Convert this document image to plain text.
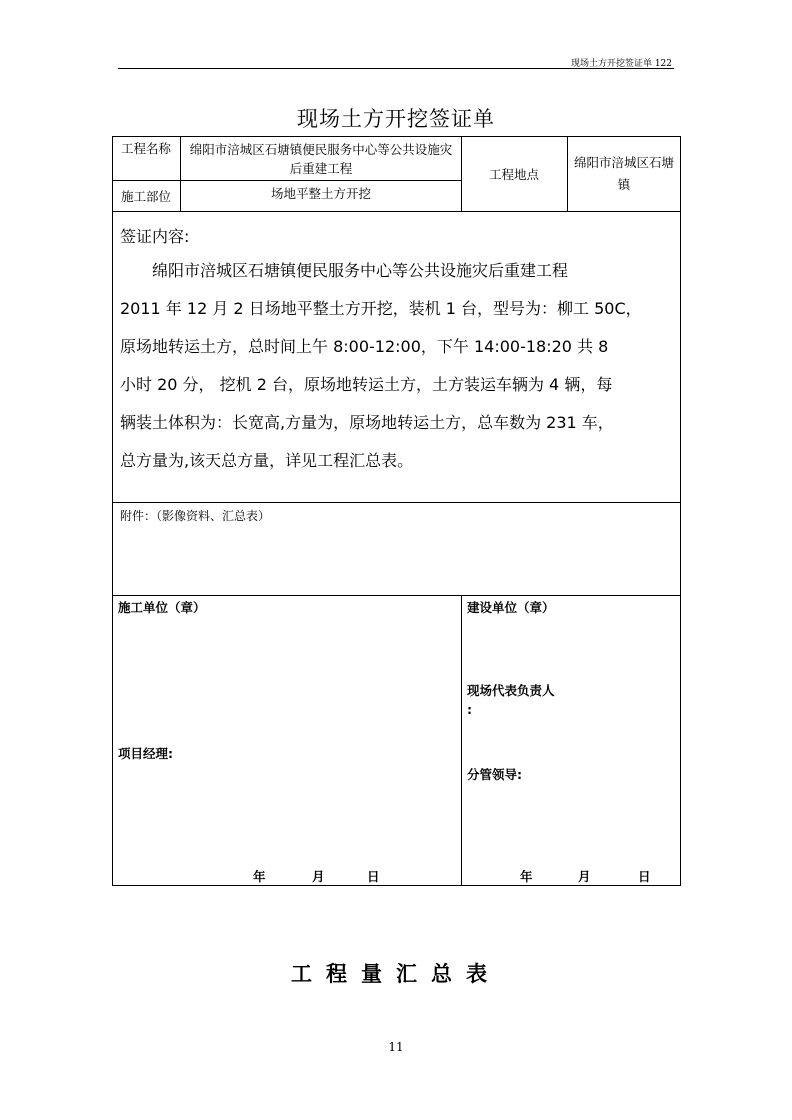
现场土方开挖签证单 122
现场土方开挖签证单
工程名称	绵阳市涪城区石塘镇便民服务中心等公共设施灾后重建工程	工程地点
绵阳市涪城区石塘镇
施工部位	场地平整土方开挖
签证内容:
绵阳市涪城区石塘镇便民服务中心等公共设施灾后重建工程
2011 年 12 月 2 日场地平整土方开挖，装机 1 台，型号为：柳工 50C，
原场地转运土方，总时间上午 8:00-12:00，下午 14:00-18:20 共 8
小时 20 分， 挖机 2 台，原场地转运土方，土方装运车辆为 4 辆，每
辆装土体积为：长宽高,方量为，原场地转运土方，总车数为 231 车，
总方量为,该天总方量，详见工程汇总表。
附件：（影像资料、汇总表）
施工单位（章）
项目经理:
年	月	日
建设单位（章）
现场代表负责人
:
分管领导:
年	月	日
工程量汇总表
11
